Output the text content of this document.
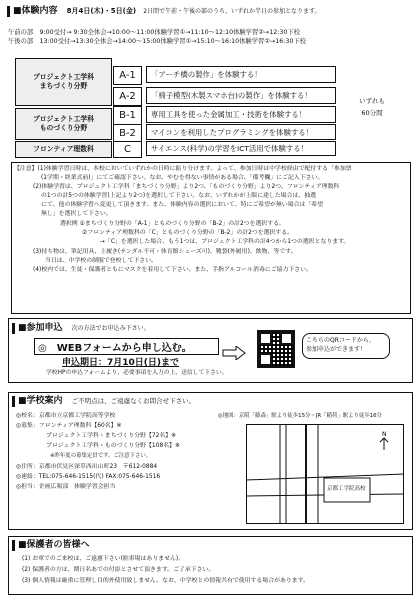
■体験内容 8月4日(木)・5日(金) 2日間で午前・午後の部のうち、いずれか半日の参加となります。
午前の部　9:00受付→ 9:30全体会→10:00〜11:00体験学習①→11:10〜12:10体験学習②→12:30下校
午後の部　13:00受付→13:30全体会→14:00〜15:00体験学習①→15:10〜16:10体験学習②→16:30下校
プロジェクト工学科
まちづくり分野
プロジェクト工学科
ものづくり分野
フロンティア理数科
A-1
A-2
B-1
B-2
C
「アーチ橋の製作」を体験する！
「椅子模型(木製スマホ台)の製作」を体験する！
専用工具を使った金属加工・技術を体験する！
マイコンを利用したプログラミングを体験する！
サイエンス(科学)の学習をICT活用で体験する！
いずれも
60分間
【注意】(1)体験学習日時は、本校においていずれかの日時に振り分けます。よって、参加日時は中学校経由で配付する「参加票
(1学期・終業式前)」にてご確認下さい。なお、やむを得ない事情がある場合、「備考欄」にご記入下さい。
(2)体験学習は、プロジェクト工学科「まちづくり分野」より2つ、「ものづくり分野」より2つ、フロンティア理数科
の1つの計5つの体験学習(上記より2つ)を選択して下さい。なお、いずれかが上限に達した場合は、抽選
にて、他の体験学習へ変更して頂きます。また、体験内容の選択において、特にご希望が無い場合は「希望
無し」を選択して下さい。
選択例 ①まちづくり分野の「A-1」とものづくり分野の「B-2」の計2つを選択する。
②フロンティア理数科の「C」とものづくり分野の「B-2」の計2つを選択する。
→「C」を選択した場合、もう1つは、プロジェクト工学科の計4つから1つの選択となります。
(3)持ち物は、筆記用具、上履き(サンダル不可・体育館シューズ可)、靴袋(外履用)、飲物、等です。
当日は、中学校の制服で登校して下さい。
(4)校内では、生徒・保護者ともにマスクを着用して下さい。また、手指アルコール消毒にご協力下さい。
■参加申込 次の方法でお申込み下さい。
◎　WEBフォームから申し込む。
申込期日：7月10日(日)まで
学校HPの申込フォームより、必要事項を入力の上、送信して下さい。
こちらのQRコードから、
参加申込ができます！
■学校案内 ご不明点は、ご遠慮なくお問合せ下さい。
◎校名：京都市立京都工学院高等学校
◎募集：フロンティア理数科【60名】※
プロジェクト工学科・まちづくり分野【72名】※
プロジェクト工学科・ものづくり分野【108名】※
※昨年度の募集定員です。ご注意下さい。
◎住所：京都市伏見区深草西出山町23　〒612-0884
◎連絡：TEL:075-646-1515(代) FAX:075-646-1516
◎担当：企画広報部　体験学習会担当
◎地図：京阪「藤森」駅より徒歩15分・JR「稲荷」駅より徒歩16分
N
京都工学院高校
■保護者の皆様へ
(1) お車でのご来校は、ご遠慮下さい(駐車場はありません)。
(2) 保護者の方は、期日名あでの付添とさせて頂きます。ご了承下さい。
(3) 個人情報は厳重に管理し目的外使用致しません。なお、中学校との情報共有で使用する場合があります。
